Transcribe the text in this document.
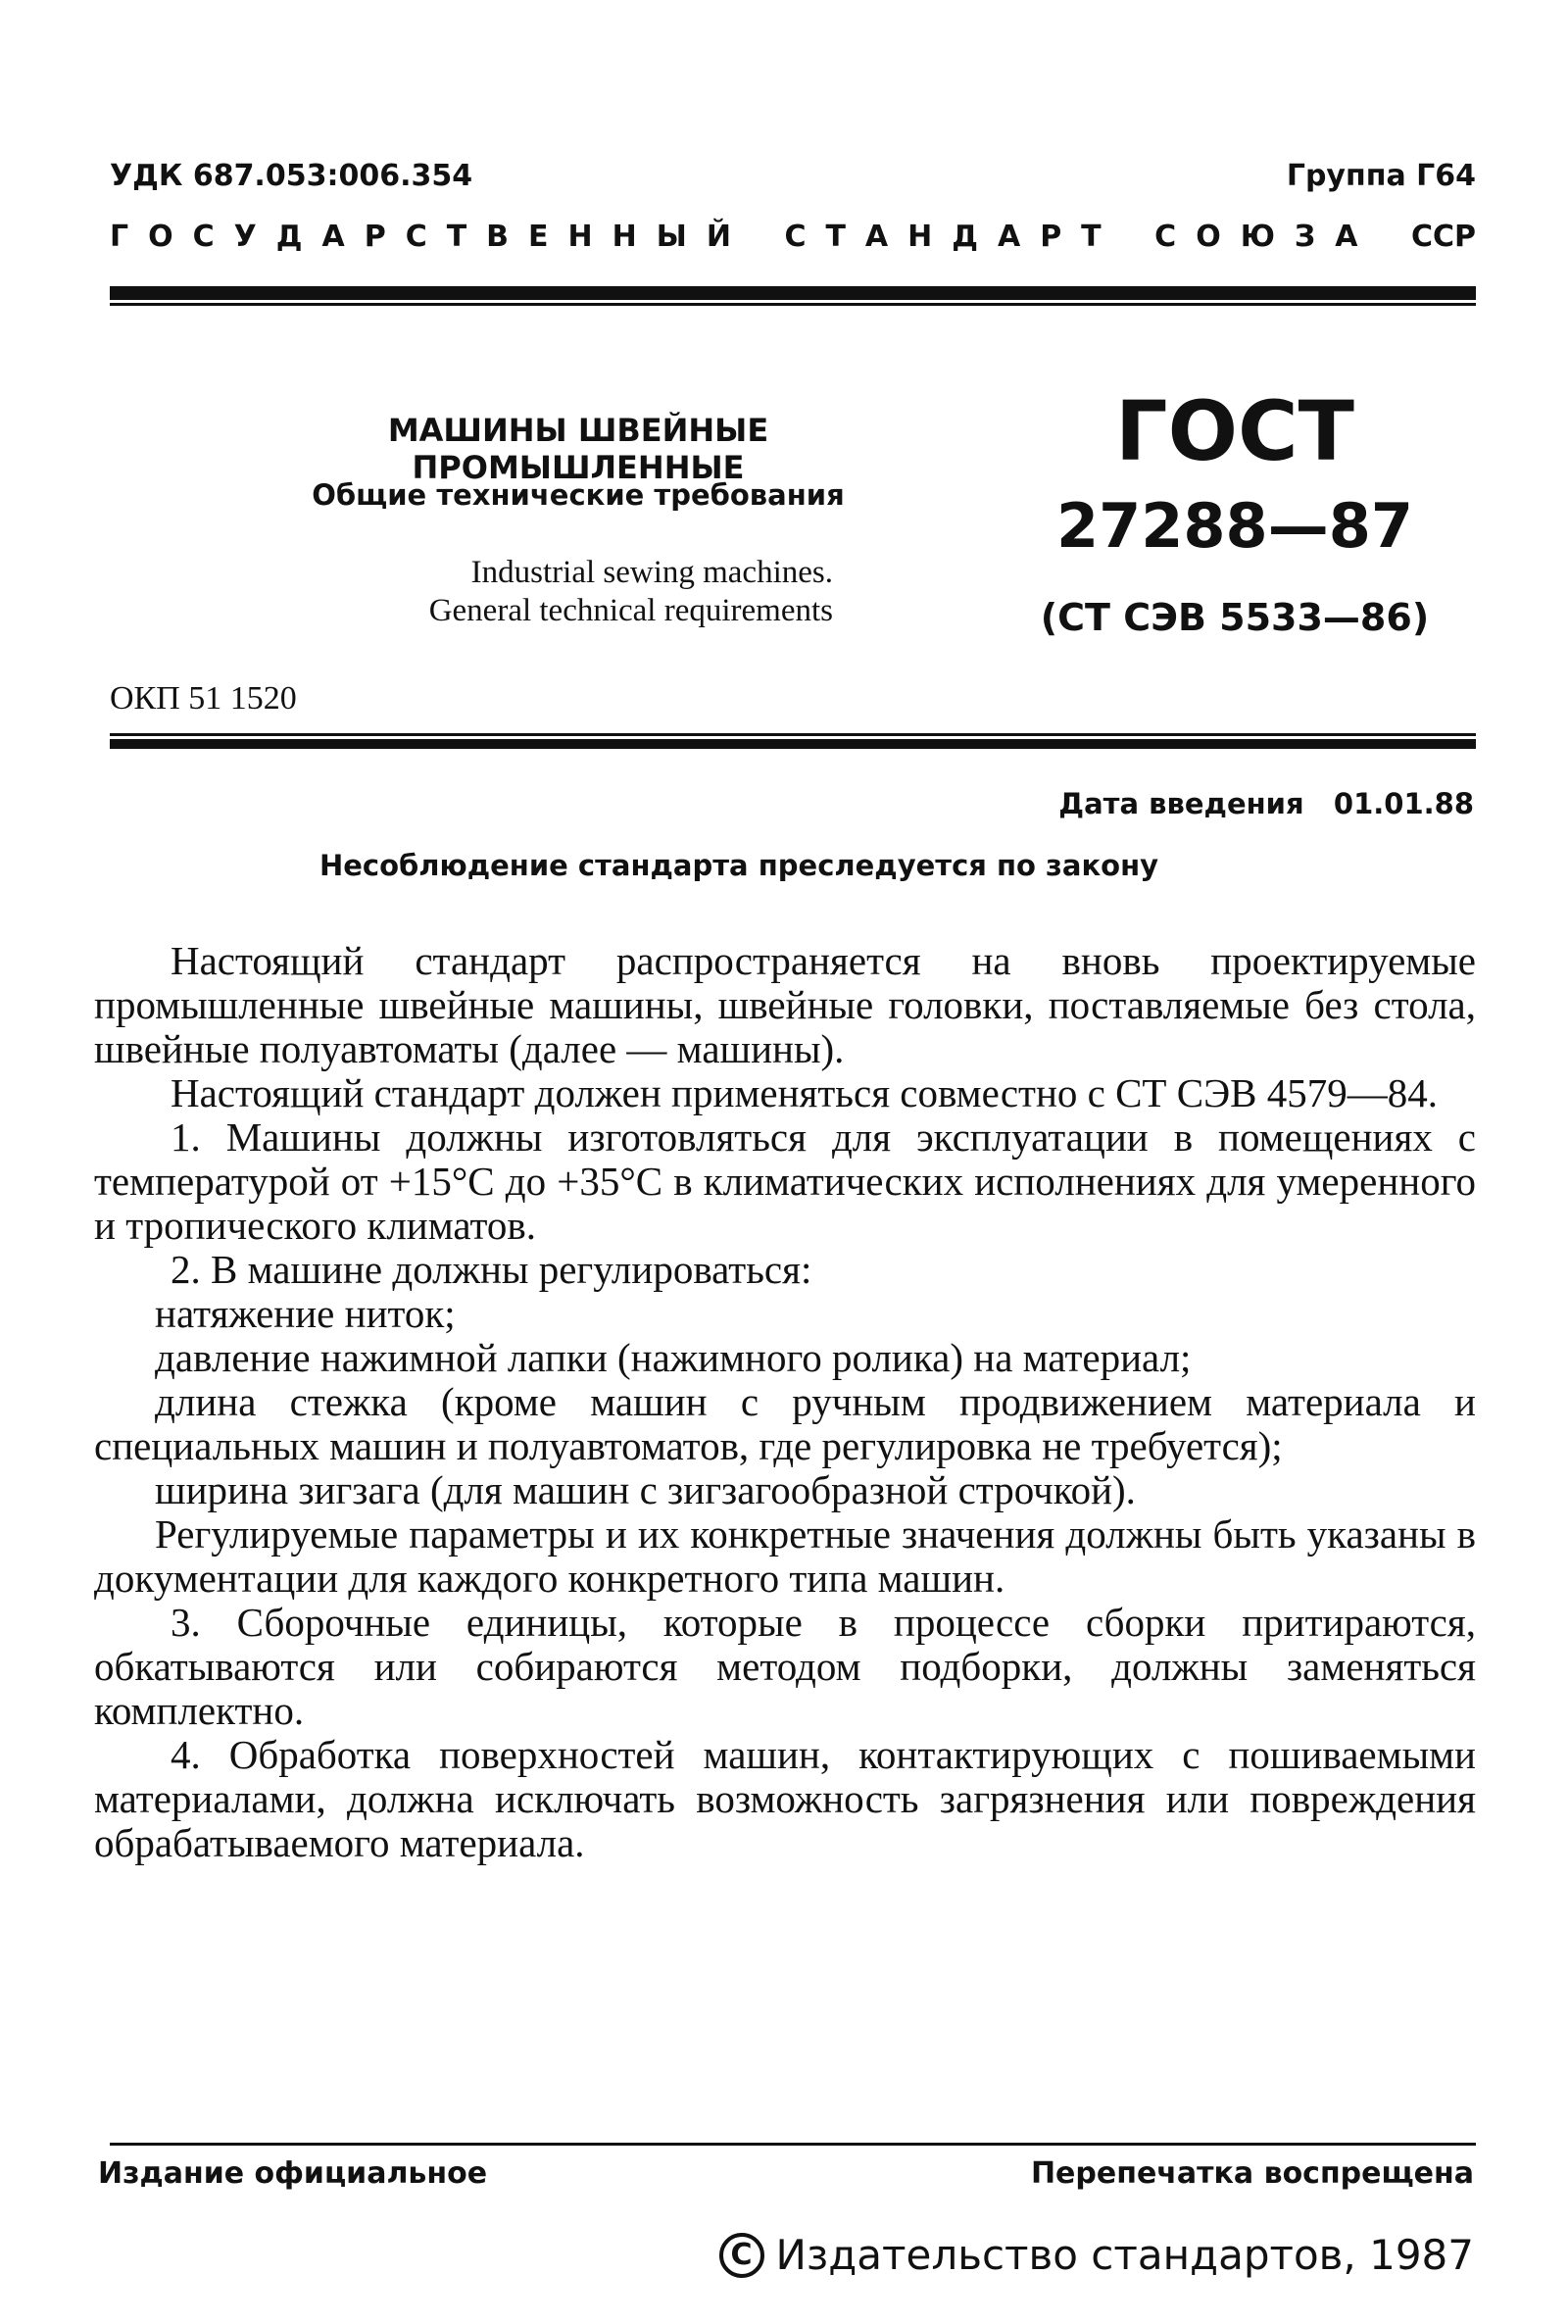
УДК 687.053:006.354	Группа Г64
ГОСУДАРСТВЕННЫЙ СТАНДАРТ СОЮЗА ССР
МАШИНЫ ШВЕЙНЫЕ ПРОМЫШЛЕННЫЕ
Общие технические требования
Industrial sewing machines.
General technical requirements
ГОСТ
27288—87
(СТ СЭВ 5533—86)
ОКП 51 1520
Дата введения 01.01.88
Несоблюдение стандарта преследуется по закону

Настоящий стандарт распространяется на вновь проектируемые промышленные швейные машины, швейные головки, поставляемые без стола, швейные полуавтоматы (далее — машины).

Настоящий стандарт должен применяться совместно с СТ СЭВ 4579—84.

1. Машины должны изготовляться для эксплуатации в помещениях с температурой от +15°С до +35°С в климатических исполнениях для умеренного и тропического климатов.

2. В машине должны регулироваться:

натяжение ниток;

давление нажимной лапки (нажимного ролика) на материал;

длина стежка (кроме машин с ручным продвижением материала и специальных машин и полуавтоматов, где регулировка не требуется);

ширина зигзага (для машин с зигзагообразной строчкой).

Регулируемые параметры и их конкретные значения должны быть указаны в документации для каждого конкретного типа машин.

3. Сборочные единицы, которые в процессе сборки притираются, обкатываются или собираются методом подборки, должны заменяться комплектно.

4. Обработка поверхностей машин, контактирующих с пошиваемыми материалами, должна исключать возможность загрязнения или повреждения обрабатываемого материала.

Издание официальное	Перепечатка воспрещена
С Издательство стандартов, 1987
